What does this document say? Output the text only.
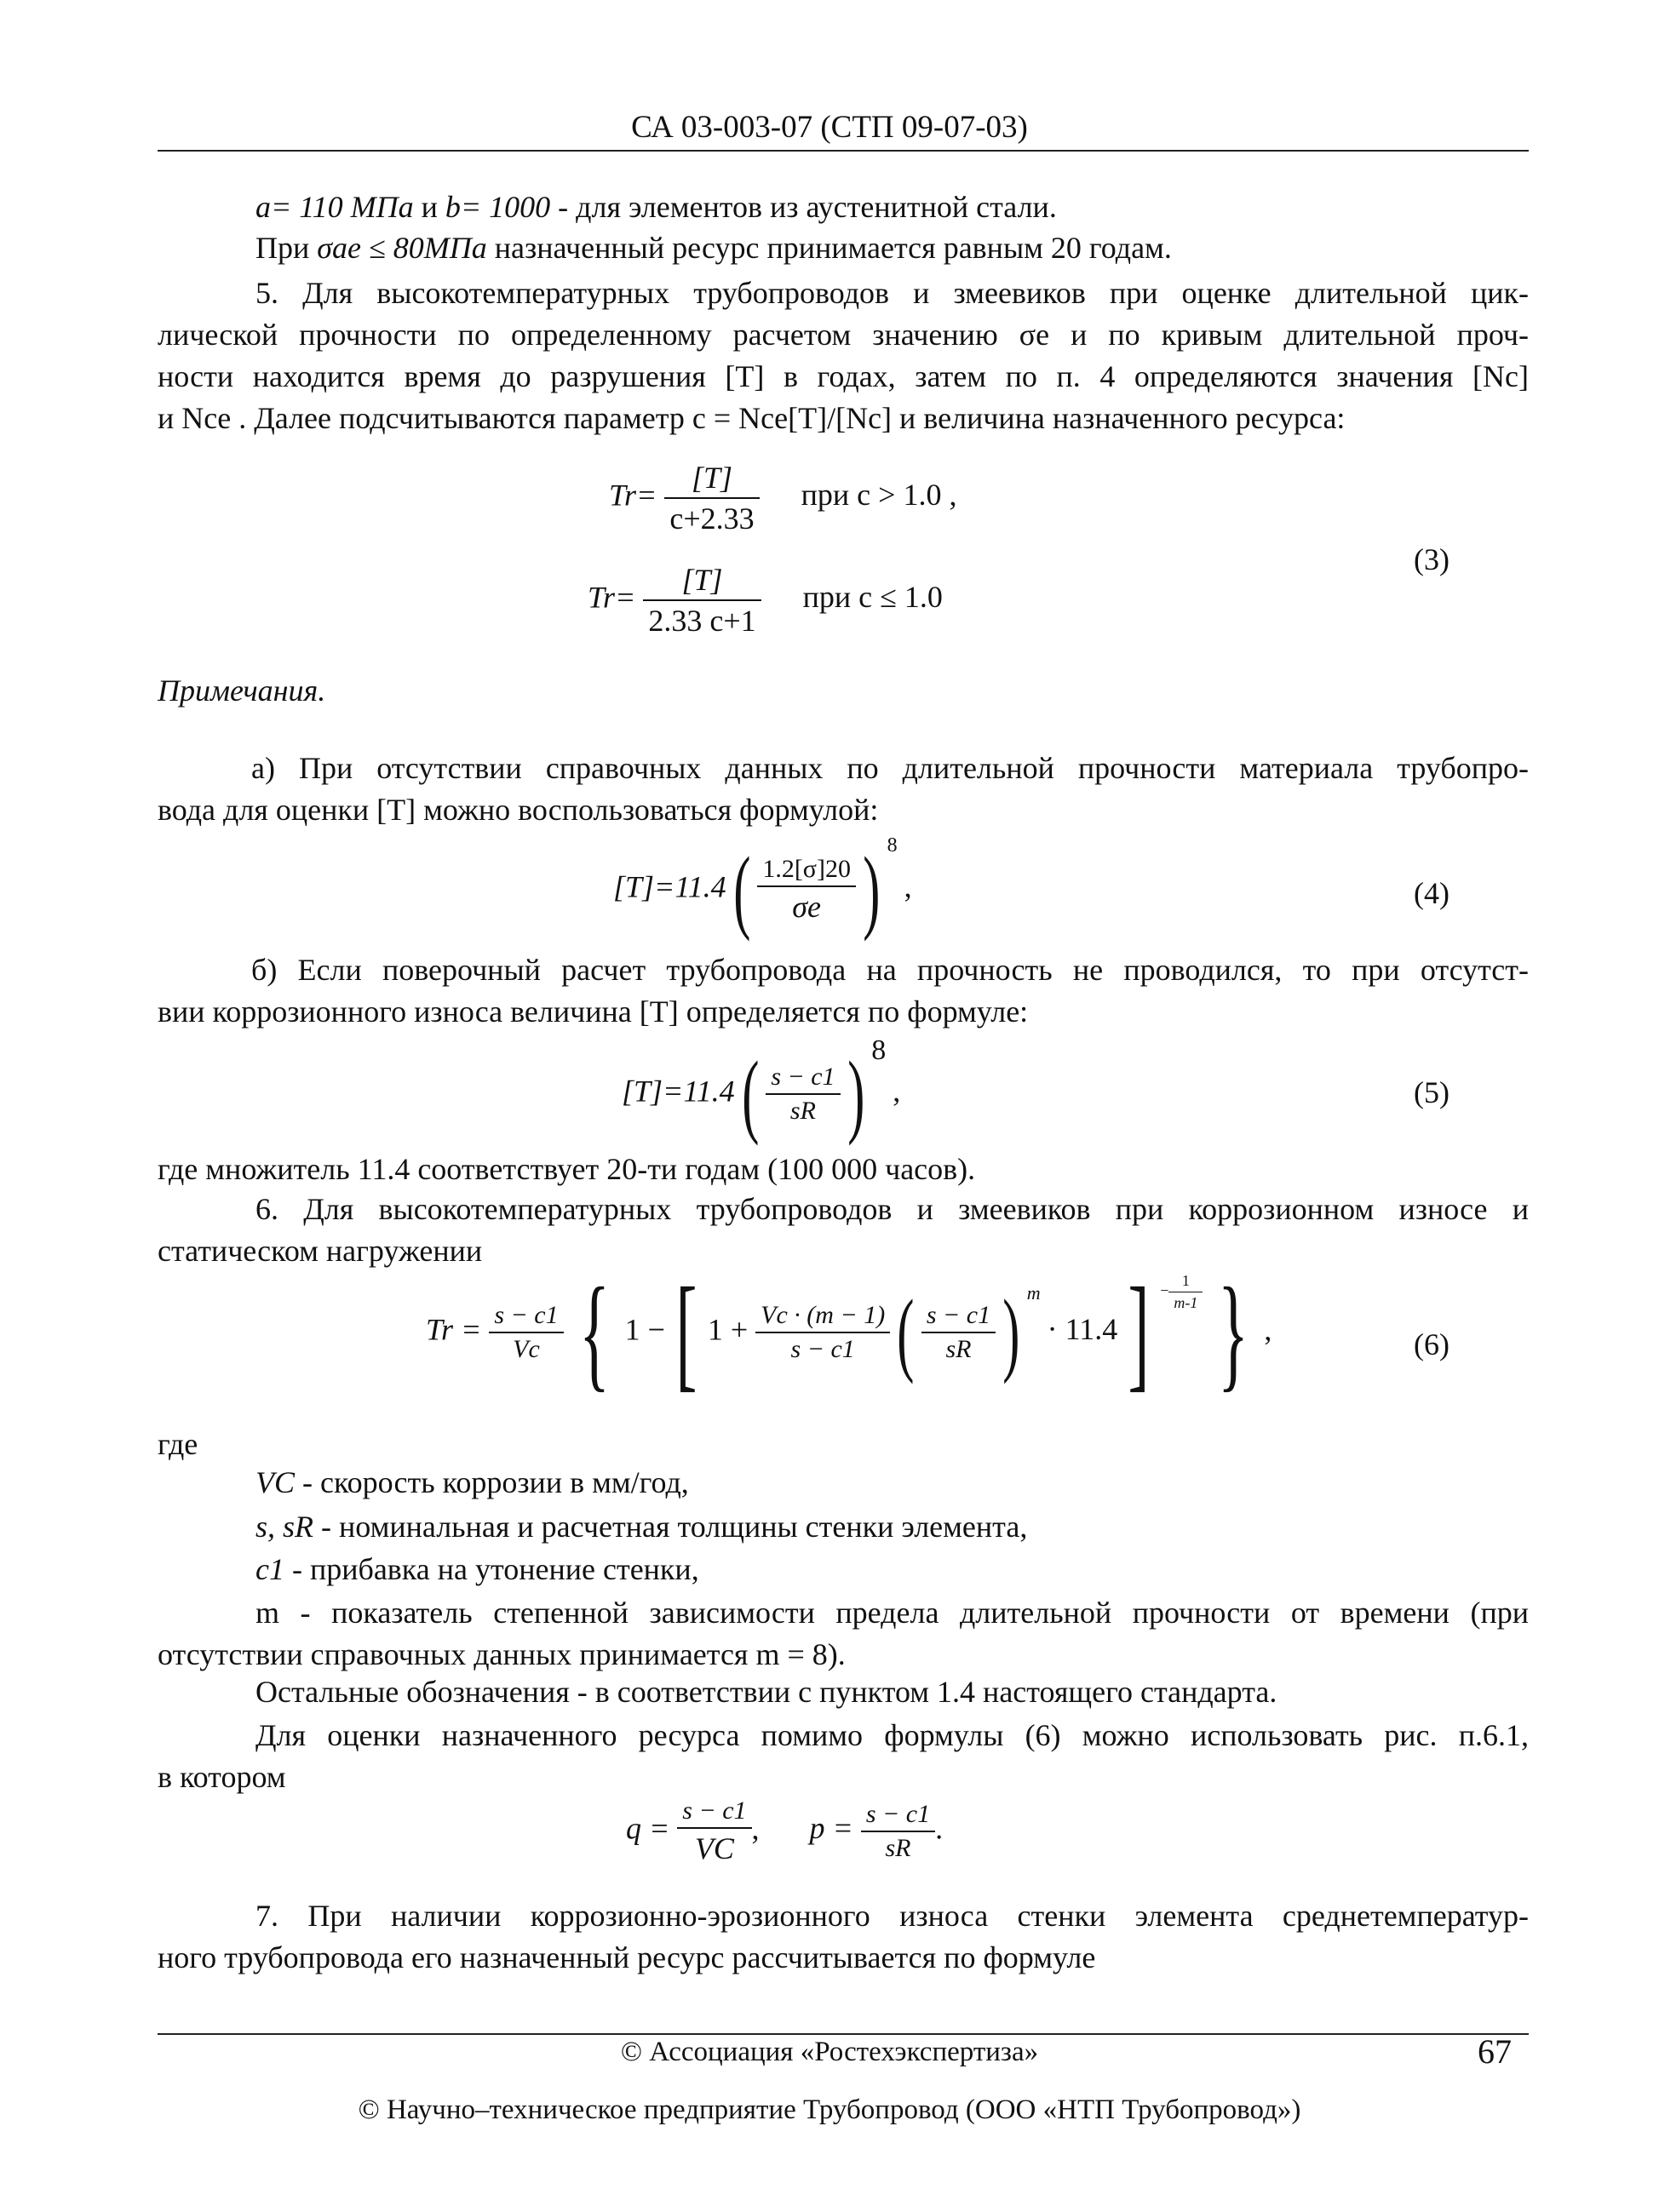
СА 03-003-07 (СТП 09-07-03)
a= 110 МПа и b= 1000 - для элементов из аустенитной стали.
При σae ≤ 80МПа назначенный ресурс принимается равным 20 годам.
5. Для высокотемпературных трубопроводов и змеевиков при оценке длительной цик-
лической прочности по определенному расчетом значению σe и по кривым длительной проч-
ности находится время до разрушения [T] в годах, затем по п. 4 определяются значения [Nc]
и Nce . Далее подсчитываются параметр c = Nce[T]/[Nc] и величина назначенного ресурса:
$Tr= \frac{[T]}{c+2.33}$ при c > 1.0 ,
$Tr= \frac{[T]}{2.33 c+1}$ при c ≤ 1.0
(3)
Примечания.
а) При отсутствии справочных данных по длительной прочности материала трубопро-
вода для оценки [Т] можно воспользоваться формулой:
$[T]=11.4( \frac{1.2[\sigma]20}{\sigma e}$ ) $^8$,	(4)
б) Если поверочный расчет трубопровода на прочность не проводился, то при отсутст-
вии коррозионного износа величина [Т] определяется по формуле:
$[T]=11.4( \frac{s - c1}{sR}$ ) $^8$,	(5)
где множитель 11.4 соответствует 20-ти годам (100 000 часов).
6. Для высокотемпературных трубопроводов и змеевиков при коррозионном износе и
статическом нагружении
$Tr = \frac{s - c1}{Vc}$ { 1 −[ $1 + \frac{Vc \cdot (m - 1)}{s - c1}$ ( $\frac{s - c1}{sR}$ ) $^m\cdot 11.4] - \frac{1}{m-1}$ } ,	(6)
где
VC - скорость коррозии в мм/год,
s, sR - номинальная и расчетная толщины стенки элемента,
c1 - прибавка на утонение стенки,
m - показатель степенной зависимости предела длительной прочности от времени (при
отсутствии справочных данных принимается m = 8).
Остальные обозначения - в соответствии с пунктом 1.4 настоящего стандарта.
Для оценки назначенного ресурса помимо формулы (6) можно использовать рис. п.6.1,
в котором
$q = \frac{s - c1}{VC}$ , $p = \frac{s - c1}{sR}$ .
7. При наличии коррозионно-эрозионного износа стенки элемента среднетемператур-
ного трубопровода его назначенный ресурс рассчитывается по формуле
© Ассоциация «Ростехэкспертиза»	67
© Научно–техническое предприятие Трубопровод (ООО «НТП Трубопровод»)
